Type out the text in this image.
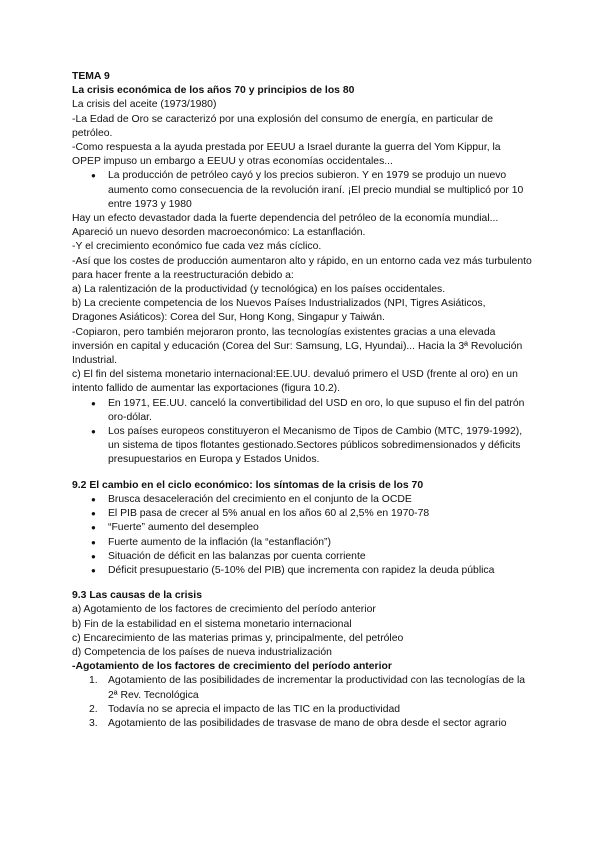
TEMA 9

La crisis económica de los años 70 y principios de los 80

La crisis del aceite (1973/1980)

-La Edad de Oro se caracterizó por una explosión del consumo de energía, en particular de petróleo.

-Como respuesta a la ayuda prestada por EEUU a Israel durante la guerra del Yom Kippur, la OPEP impuso un embargo a EEUU y otras economías occidentales...

● La producción de petróleo cayó y los precios subieron. Y en 1979 se produjo un nuevo aumento como consecuencia de la revolución iraní. ¡El precio mundial se multiplicó por 10 entre 1973 y 1980

Hay un efecto devastador dada la fuerte dependencia del petróleo de la economía mundial... Apareció un nuevo desorden macroeconómico: La estanflación.

-Y el crecimiento económico fue cada vez más cíclico.

-Así que los costes de producción aumentaron alto y rápido, en un entorno cada vez más turbulento para hacer frente a la reestructuración debido a:

a) La ralentización de la productividad (y tecnológica) en los países occidentales.

b) La creciente competencia de los Nuevos Países Industrializados (NPI, Tigres Asiáticos, Dragones Asiáticos): Corea del Sur, Hong Kong, Singapur y Taiwán.

-Copiaron, pero también mejoraron pronto, las tecnologías existentes gracias a una elevada inversión en capital y educación (Corea del Sur: Samsung, LG, Hyundai)... Hacia la 3ª Revolución Industrial.

c) El fin del sistema monetario internacional:EE.UU. devaluó primero el USD (frente al oro) en un intento fallido de aumentar las exportaciones (figura 10.2).

● En 1971, EE.UU. canceló la convertibilidad del USD en oro, lo que supuso el fin del patrón oro-dólar.
● Los países europeos constituyeron el Mecanismo de Tipos de Cambio (MTC, 1979-1992), un sistema de tipos flotantes gestionado.Sectores públicos sobredimensionados y déficits presupuestarios en Europa y Estados Unidos.

9.2 El cambio en el ciclo económico: los síntomas de la crisis de los 70

● Brusca desaceleración del crecimiento en el conjunto de la OCDE
● El PIB pasa de crecer al 5% anual en los años 60 al 2,5% en 1970-78
● “Fuerte” aumento del desempleo
● Fuerte aumento de la inflación (la “estanflación”)
● Situación de déficit en las balanzas por cuenta corriente
● Déficit presupuestario (5-10% del PIB) que incrementa con rapidez la deuda pública

9.3 Las causas de la crisis

a) Agotamiento de los factores de crecimiento del período anterior

b) Fin de la estabilidad en el sistema monetario internacional

c) Encarecimiento de las materias primas y, principalmente, del petróleo

d) Competencia de los países de nueva industrialización

-Agotamiento de los factores de crecimiento del período anterior

1. Agotamiento de las posibilidades de incrementar la productividad con las tecnologías de la 2ª Rev. Tecnológica
2. Todavía no se aprecia el impacto de las TIC en la productividad
3. Agotamiento de las posibilidades de trasvase de mano de obra desde el sector agrario
